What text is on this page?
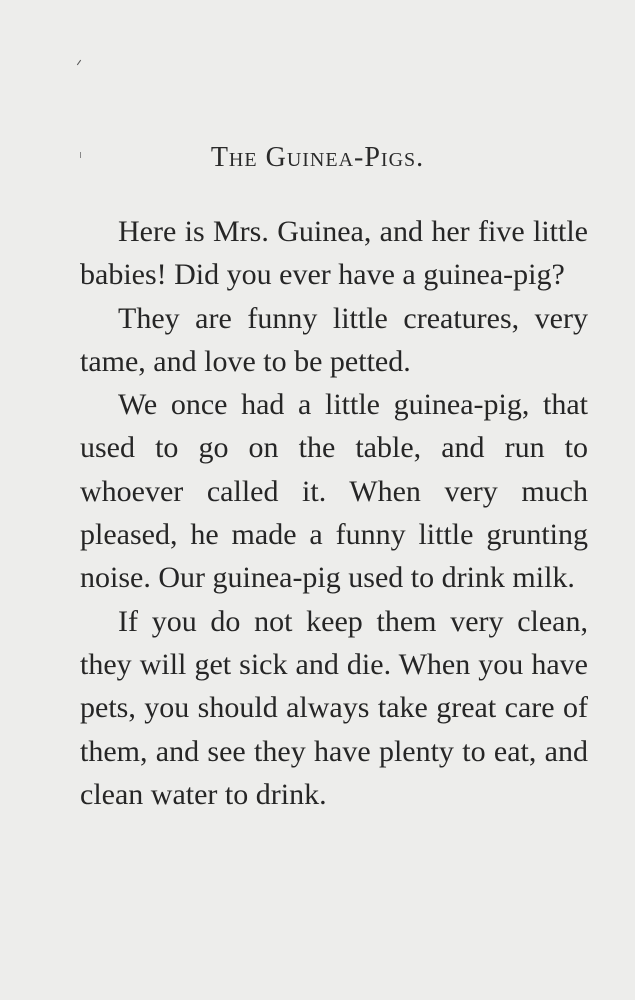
The Guinea-Pigs.

Here is Mrs. Guinea, and her five little babies! Did you ever have a guinea-pig?

They are funny little creatures, very tame, and love to be petted.

We once had a little guinea-pig, that used to go on the table, and run to whoever called it. When very much pleased, he made a funny little grunting noise. Our guinea-pig used to drink milk.

If you do not keep them very clean, they will get sick and die. When you have pets, you should always take great care of them, and see they have plenty to eat, and clean water to drink.
